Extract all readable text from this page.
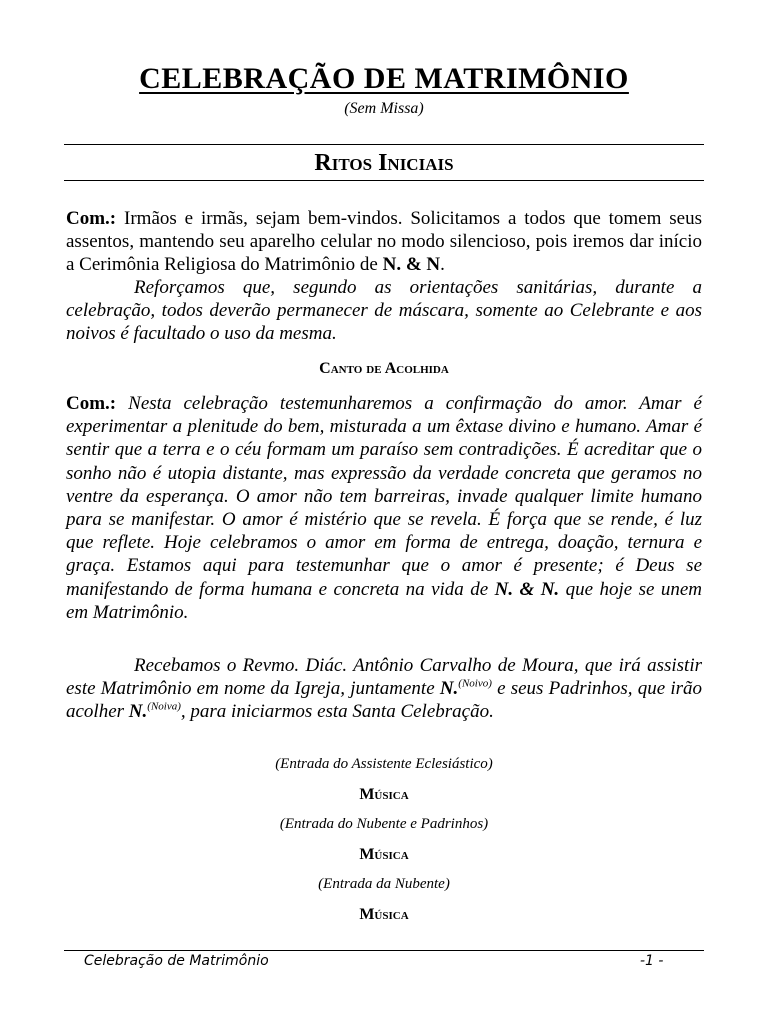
CELEBRAÇÃO DE MATRIMÔNIO
(Sem Missa)
Ritos Iniciais
Com.: Irmãos e irmãs, sejam bem-vindos. Solicitamos a todos que tomem seus assentos, mantendo seu aparelho celular no modo silencioso, pois iremos dar início a Cerimônia Religiosa do Matrimônio de N. & N.
Reforçamos que, segundo as orientações sanitárias, durante a celebração, todos deverão permanecer de máscara, somente ao Celebrante e aos noivos é facultado o uso da mesma.
Canto de Acolhida
Com.: Nesta celebração testemunharemos a confirmação do amor. Amar é experimentar a plenitude do bem, misturada a um êxtase divino e humano. Amar é sentir que a terra e o céu formam um paraíso sem contradições. É acreditar que o sonho não é utopia distante, mas expressão da verdade concreta que geramos no ventre da esperança. O amor não tem barreiras, invade qualquer limite humano para se manifestar. O amor é mistério que se revela. É força que se rende, é luz que reflete. Hoje celebramos o amor em forma de entrega, doação, ternura e graça. Estamos aqui para testemunhar que o amor é presente; é Deus se manifestando de forma humana e concreta na vida de N. & N. que hoje se unem em Matrimônio.
Recebamos o Revmo. Diác. Antônio Carvalho de Moura, que irá assistir este Matrimônio em nome da Igreja, juntamente N.$^{(Noivo)}$ e seus Padrinhos, que irão acolher N.$^{(Noiva)}$, para iniciarmos esta Santa Celebração.
(Entrada do Assistente Eclesiástico)
Música
(Entrada do Nubente e Padrinhos)
Música
(Entrada da Nubente)
Música
Celebração de Matrimônio	-1 -
